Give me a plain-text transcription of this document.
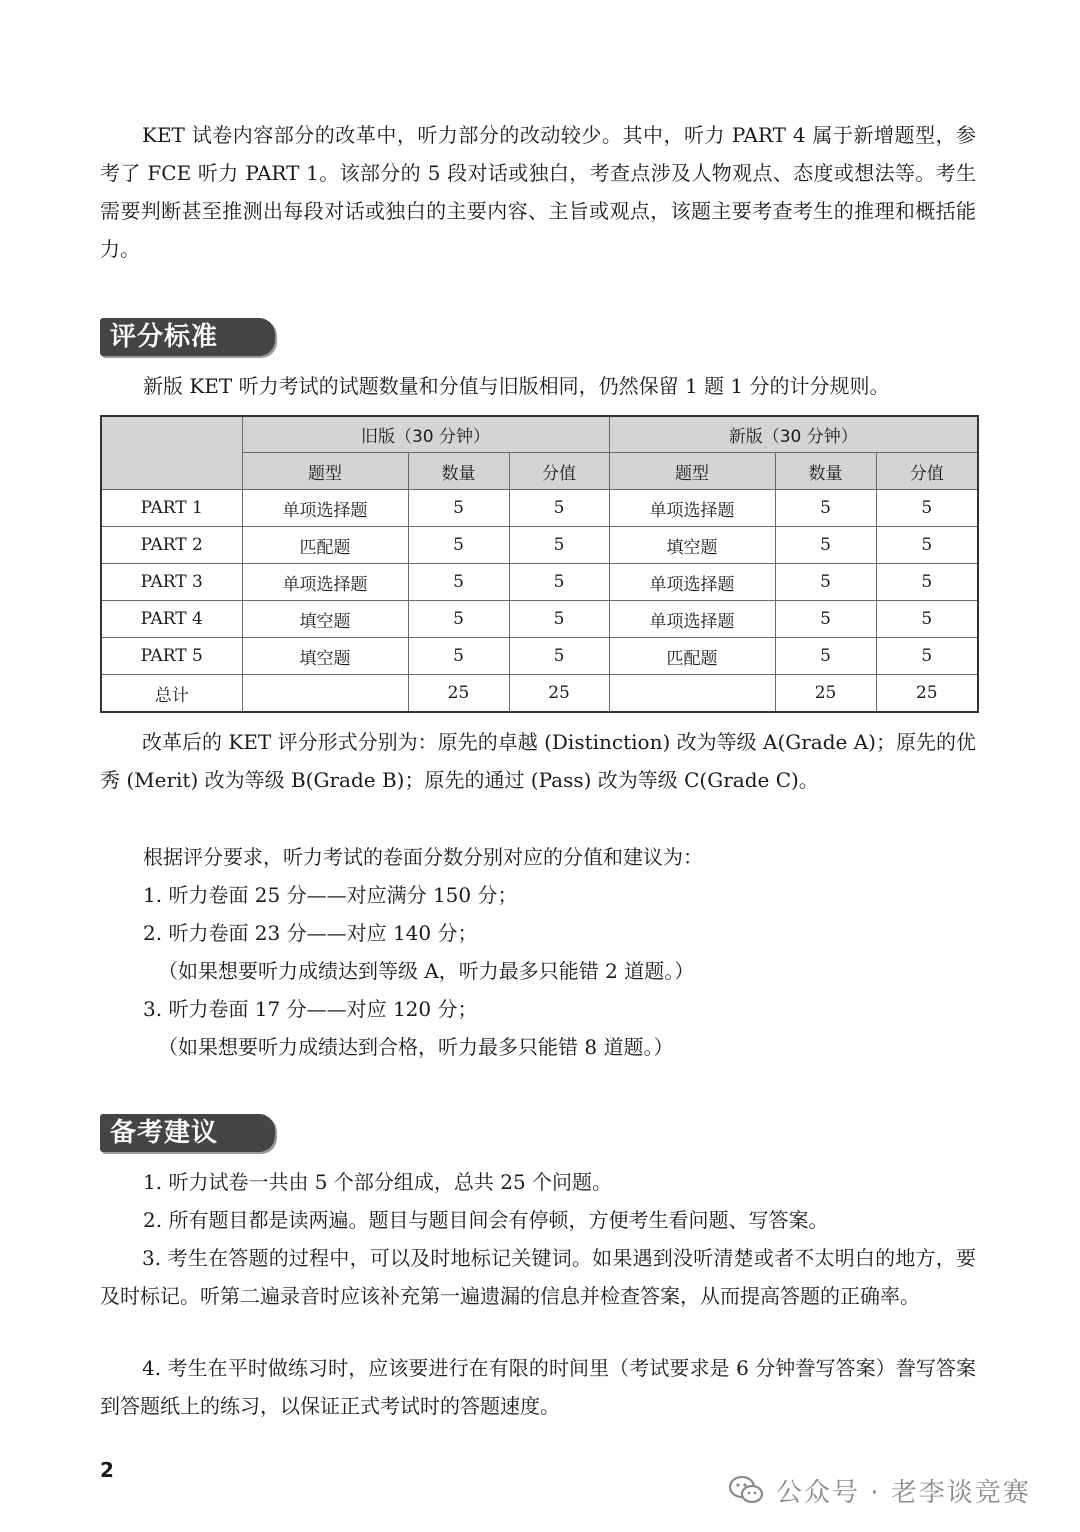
KET 试卷内容部分的改革中，听力部分的改动较少。其中，听力 PART 4 属于新增题型，参考了 FCE 听力 PART 1。该部分的 5 段对话或独白，考查点涉及人物观点、态度或想法等。考生需要判断甚至推测出每段对话或独白的主要内容、主旨或观点，该题主要考查考生的推理和概括能力。

评分标准

新版 KET 听力考试的试题数量和分值与旧版相同，仍然保留 1 题 1 分的计分规则。

	旧版（30 分钟）			新版（30 分钟）		
	题型	数量	分值	题型	数量	分值
PART 1	单项选择题	5	5	单项选择题	5	5
PART 2	匹配题	5	5	填空题	5	5
PART 3	单项选择题	5	5	单项选择题	5	5
PART 4	填空题	5	5	单项选择题	5	5
PART 5	填空题	5	5	匹配题	5	5
总计		25	25		25	25

改革后的 KET 评分形式分别为：原先的卓越 (Distinction) 改为等级 A(Grade A)；原先的优秀 (Merit) 改为等级 B(Grade B)；原先的通过 (Pass) 改为等级 C(Grade C)。

根据评分要求，听力考试的卷面分数分别对应的分值和建议为：

1. 听力卷面 25 分——对应满分 150 分；

2. 听力卷面 23 分——对应 140 分；

（如果想要听力成绩达到等级 A，听力最多只能错 2 道题。）

3. 听力卷面 17 分——对应 120 分；

（如果想要听力成绩达到合格，听力最多只能错 8 道题。）

备考建议

1. 听力试卷一共由 5 个部分组成，总共 25 个问题。

2. 所有题目都是读两遍。题目与题目间会有停顿，方便考生看问题、写答案。

3. 考生在答题的过程中，可以及时地标记关键词。如果遇到没听清楚或者不太明白的地方，要及时标记。听第二遍录音时应该补充第一遍遗漏的信息并检查答案，从而提高答题的正确率。

4. 考生在平时做练习时，应该要进行在有限的时间里（考试要求是 6 分钟誊写答案）誊写答案到答题纸上的练习，以保证正式考试时的答题速度。

2
公众号 · 老李谈竞赛
